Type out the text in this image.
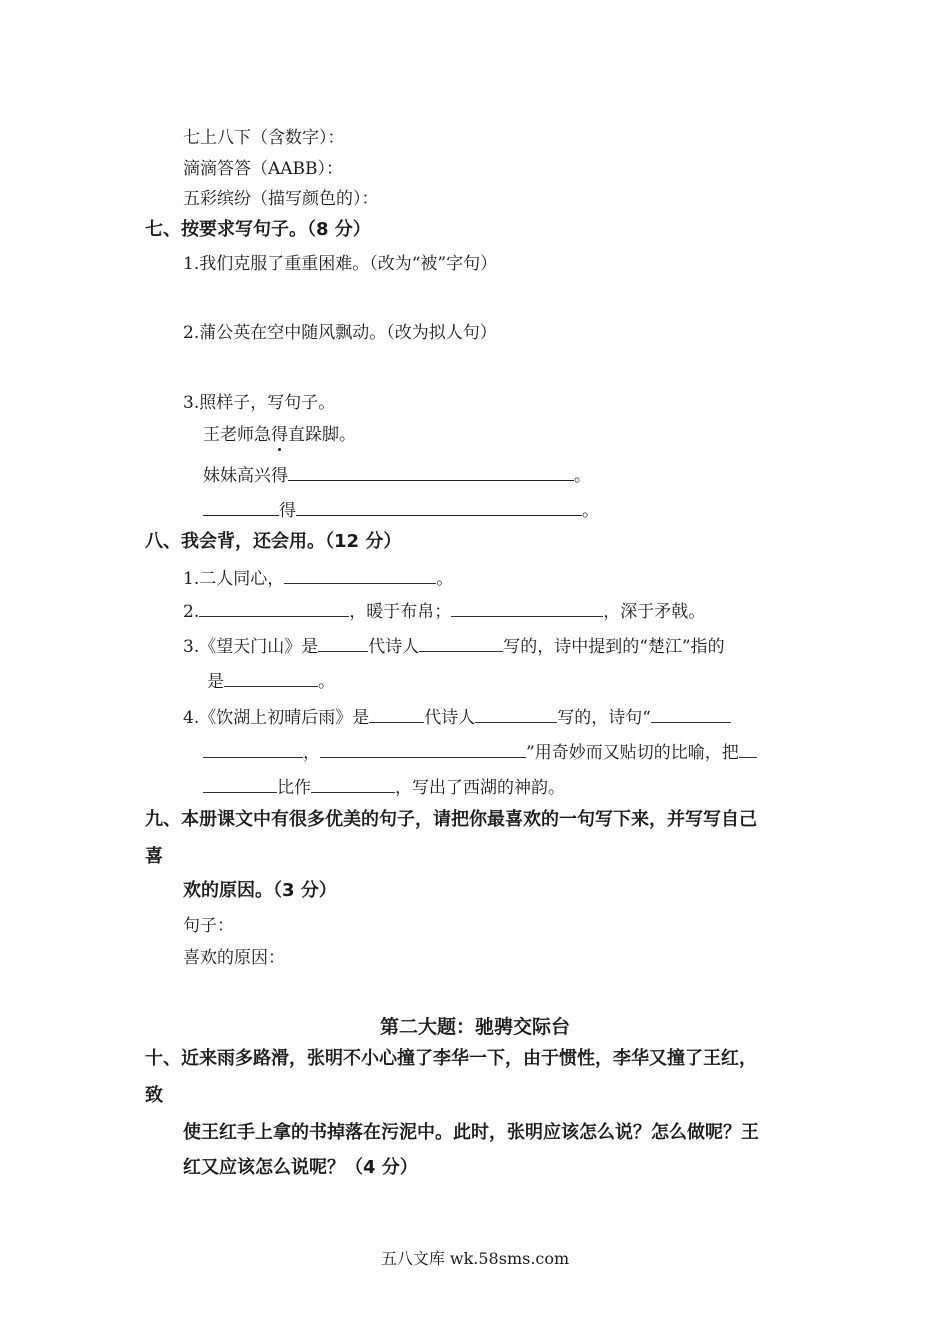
七上八下（含数字）：
滴滴答答（AABB）：
五彩缤纷（描写颜色的）：
七、按要求写句子。（8 分）
1.我们克服了重重困难。（改为“被”字句）
2.蒲公英在空中随风飘动。（改为拟人句）
3.照样子，写句子。
王老师急得直跺脚。
妹妹高兴得	。
得	。
八、我会背，还会用。（12 分）
1.二人同心，	。
2.	，暖于布帛；	，深于矛戟。
3.《望天门山》是	代诗人	写的，诗中提到的“楚江”指的
是	。
4.《饮湖上初晴后雨》是	代诗人	写的，诗句“
，	”用奇妙而又贴切的比喻，把
比作	，写出了西湖的神韵。
九、本册课文中有很多优美的句子，请把你最喜欢的一句写下来，并写写自己
喜
欢的原因。（3 分）
句子：
喜欢的原因：
第二大题：驰骋交际台
十、近来雨多路滑，张明不小心撞了李华一下，由于惯性，李华又撞了王红，
致
使王红手上拿的书掉落在污泥中。此时，张明应该怎么说？怎么做呢？王
红又应该怎么说呢？（4 分）
五八文库 wk.58sms.com
